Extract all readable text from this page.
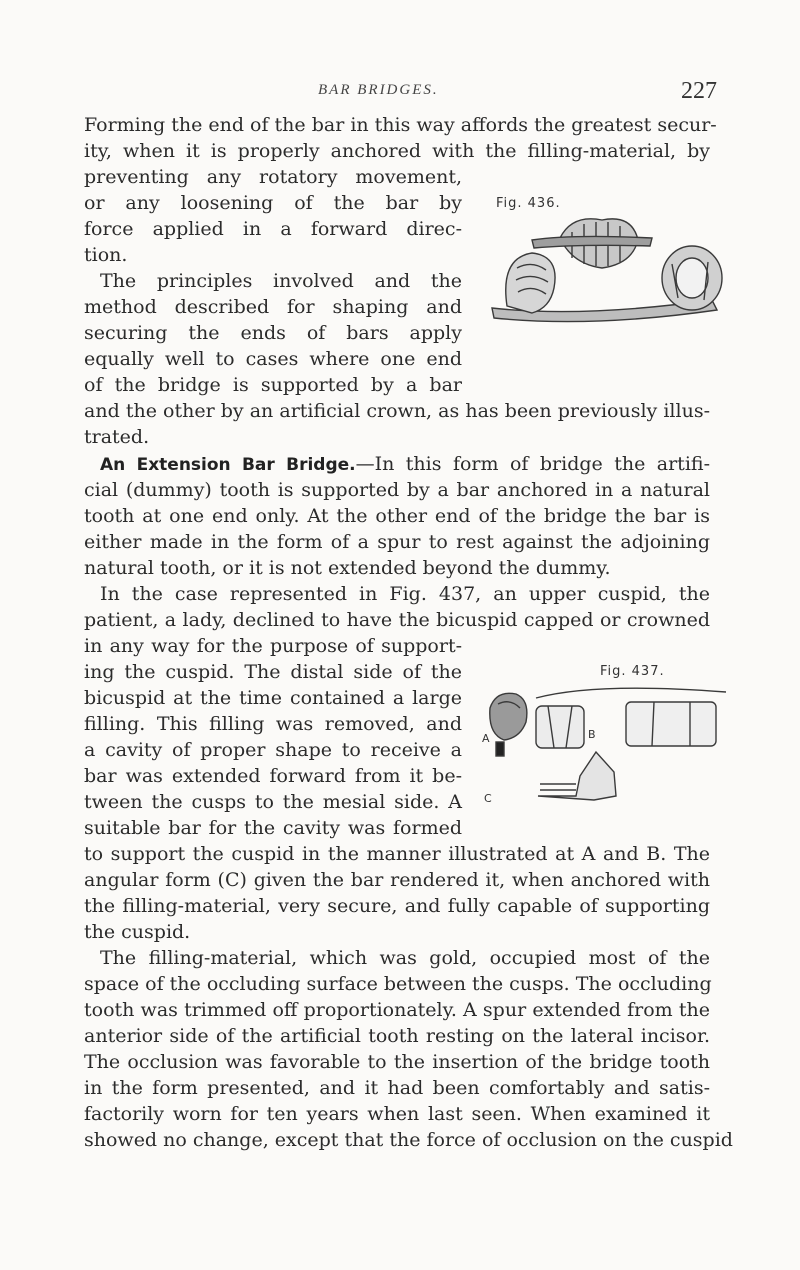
BAR BRIDGES.	227
Forming the end of the bar in this way affords the greatest secur-
ity, when it is properly anchored with the filling-material, by
preventing any rotatory movement,
or any loosening of the bar by
force applied in a forward direc-
tion.
The principles involved and the
method described for shaping and
securing the ends of bars apply
equally well to cases where one end
of the bridge is supported by a bar
and the other by an artificial crown, as has been previously illus-
trated.
An Extension Bar Bridge.—In this form of bridge the artifi-
cial (dummy) tooth is supported by a bar anchored in a natural
tooth at one end only. At the other end of the bridge the bar is
either made in the form of a spur to rest against the adjoining
natural tooth, or it is not extended beyond the dummy.
In the case represented in Fig. 437, an upper cuspid, the
patient, a lady, declined to have the bicuspid capped or crowned
in any way for the purpose of support-
ing the cuspid. The distal side of the
bicuspid at the time contained a large
filling. This filling was removed, and
a cavity of proper shape to receive a
bar was extended forward from it be-
tween the cusps to the mesial side. A
suitable bar for the cavity was formed
to support the cuspid in the manner illustrated at A and B. The
angular form (C) given the bar rendered it, when anchored with
the filling-material, very secure, and fully capable of supporting
the cuspid.
The filling-material, which was gold, occupied most of the
space of the occluding surface between the cusps. The occluding
tooth was trimmed off proportionately. A spur extended from the
anterior side of the artificial tooth resting on the lateral incisor.
The occlusion was favorable to the insertion of the bridge tooth
in the form presented, and it had been comfortably and satis-
factorily worn for ten years when last seen. When examined it
showed no change, except that the force of occlusion on the cuspid
Fig. 436.
Fig. 437.
A	B
C
